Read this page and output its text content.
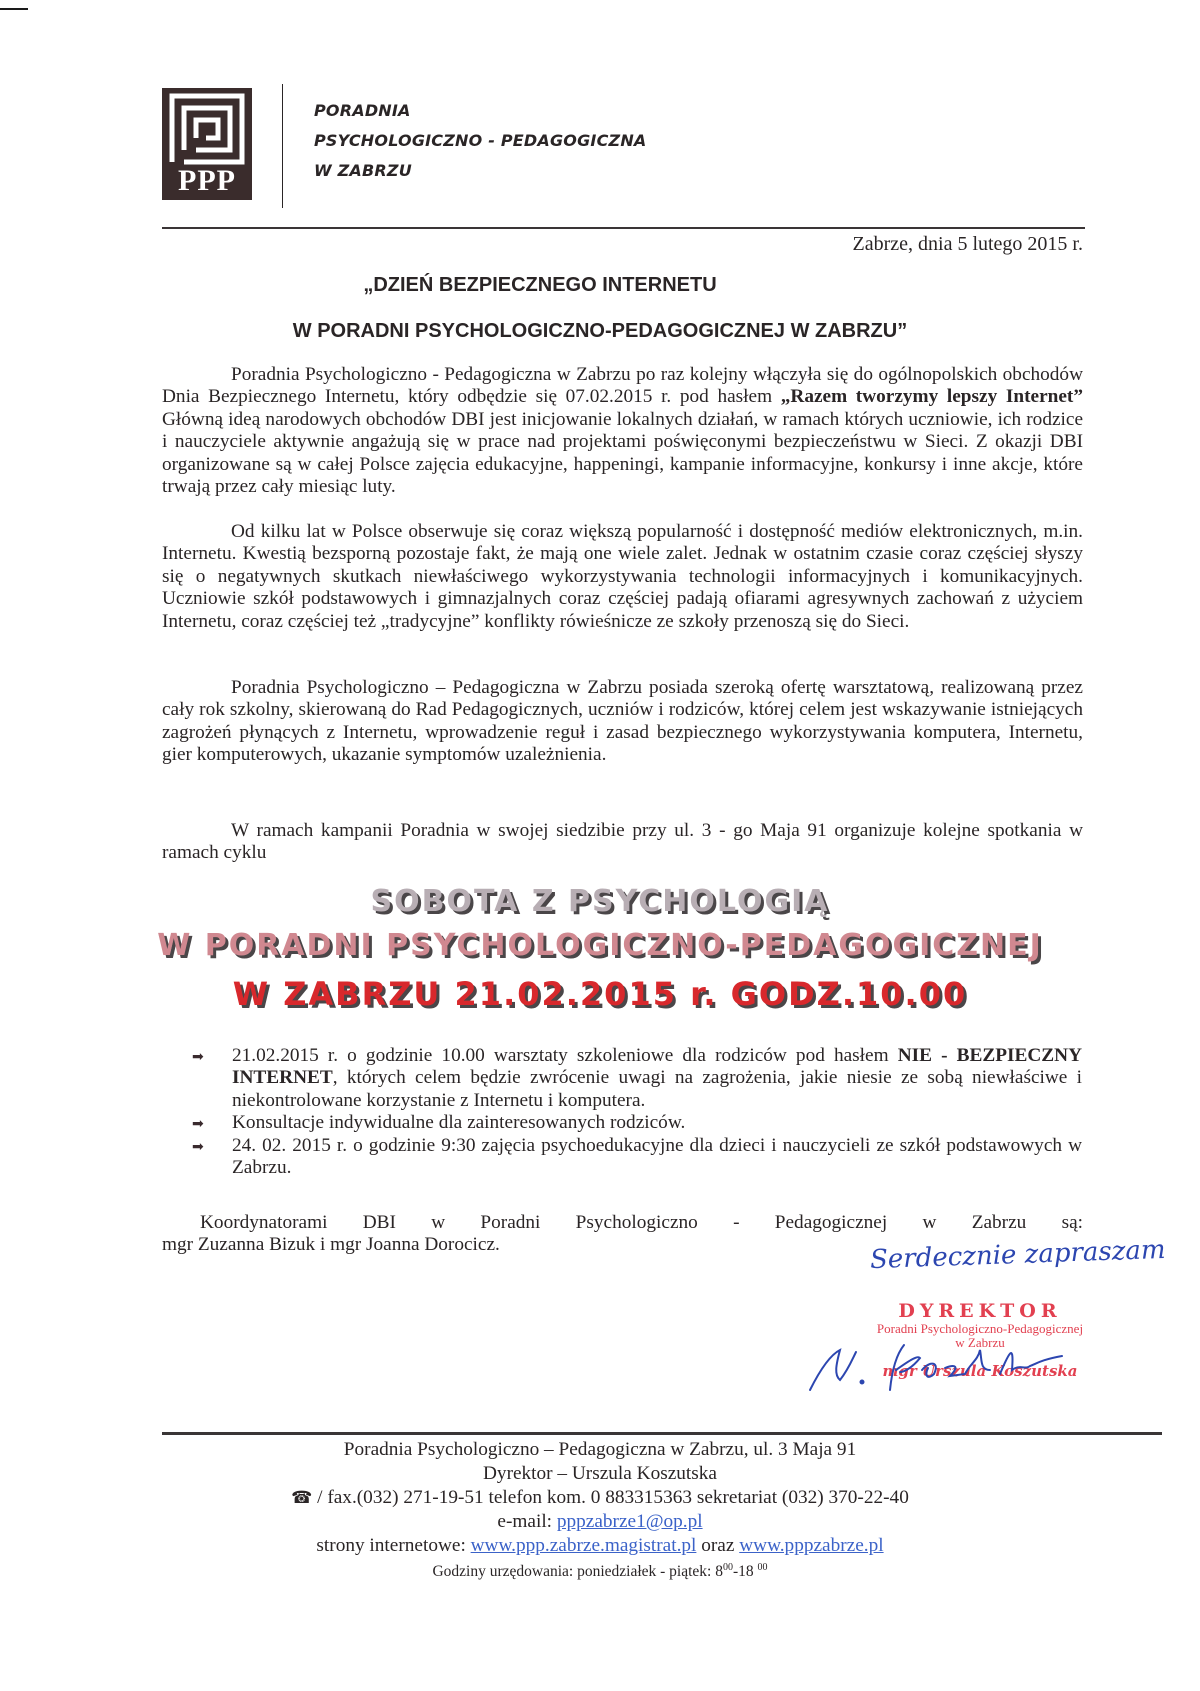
PPP
PORADNIA
PSYCHOLOGICZNO - PEDAGOGICZNA
W ZABRZU
Zabrze, dnia 5 lutego 2015 r.
„DZIEŃ BEZPIECZNEGO INTERNETU
W PORADNI PSYCHOLOGICZNO-PEDAGOGICZNEJ W ZABRZU”

Poradnia Psychologiczno - Pedagogiczna w Zabrzu po raz kolejny włączyła się do ogólnopolskich obchodów Dnia Bezpiecznego Internetu, który odbędzie się 07.02.2015 r. pod hasłem „Razem tworzymy lepszy Internet” Główną ideą narodowych obchodów DBI jest inicjowanie lokalnych działań, w ramach których uczniowie, ich rodzice i nauczyciele aktywnie angażują się w prace nad projektami poświęconymi bezpieczeństwu w Sieci. Z okazji DBI organizowane są w całej Polsce zajęcia edukacyjne, happeningi, kampanie informacyjne, konkursy i inne akcje, które trwają przez cały miesiąc luty.

Od kilku lat w Polsce obserwuje się coraz większą popularność i dostępność mediów elektronicznych, m.in. Internetu. Kwestią bezsporną pozostaje fakt, że mają one wiele zalet. Jednak w ostatnim czasie coraz częściej słyszy się o negatywnych skutkach niewłaściwego wykorzystywania technologii informacyjnych i komunikacyjnych. Uczniowie szkół podstawowych i gimnazjalnych coraz częściej padają ofiarami agresywnych zachowań z użyciem Internetu, coraz częściej też „tradycyjne” konflikty rówieśnicze ze szkoły przenoszą się do Sieci.

Poradnia Psychologiczno – Pedagogiczna w Zabrzu posiada szeroką ofertę warsztatową, realizowaną przez cały rok szkolny, skierowaną do Rad Pedagogicznych, uczniów i rodziców, której celem jest wskazywanie istniejących zagrożeń płynących z Internetu, wprowadzenie reguł i zasad bezpiecznego wykorzystywania komputera, Internetu, gier komputerowych, ukazanie symptomów uzależnienia.

W ramach kampanii Poradnia w swojej siedzibie przy ul. 3 - go Maja 91 organizuje kolejne spotkania w ramach cyklu

SOBOTA Z PSYCHOLOGIĄ
W PORADNI PSYCHOLOGICZNO-PEDAGOGICZNEJ
W ZABRZU 21.02.2015 r. GODZ.10.00
➡ 21.02.2015 r. o godzinie 10.00 warsztaty szkoleniowe dla rodziców pod hasłem NIE - BEZPIECZNY INTERNET, których celem będzie zwrócenie uwagi na zagrożenia, jakie niesie ze sobą niewłaściwe i niekontrolowane korzystanie z Internetu i komputera.
➡ Konsultacje indywidualne dla zainteresowanych rodziców.
➡ 24. 02. 2015 r. o godzinie 9:30 zajęcia psychoedukacyjne dla dzieci i nauczycieli ze szkół podstawowych w Zabrzu.
Koordynatorami DBI w Poradni Psychologiczno - Pedagogicznej w Zabrzu są:
mgr Zuzanna Bizuk i mgr Joanna Dorocicz.	Serdecznie zapraszam
DYREKTOR
Poradni Psychologiczno-Pedagogicznej
w Zabrzu
mgr Urszula Koszutska
Poradnia Psychologiczno – Pedagogiczna w Zabrzu, ul. 3 Maja 91
Dyrektor – Urszula Koszutska
☎ / fax.(032) 271-19-51 telefon kom. 0 883315363 sekretariat (032) 370-22-40
e-mail: pppzabrze1@op.pl
strony internetowe: www.ppp.zabrze.magistrat.pl oraz www.pppzabrze.pl
Godziny urzędowania: poniedziałek - piątek: $8^{00}-18$ $^{00}$
